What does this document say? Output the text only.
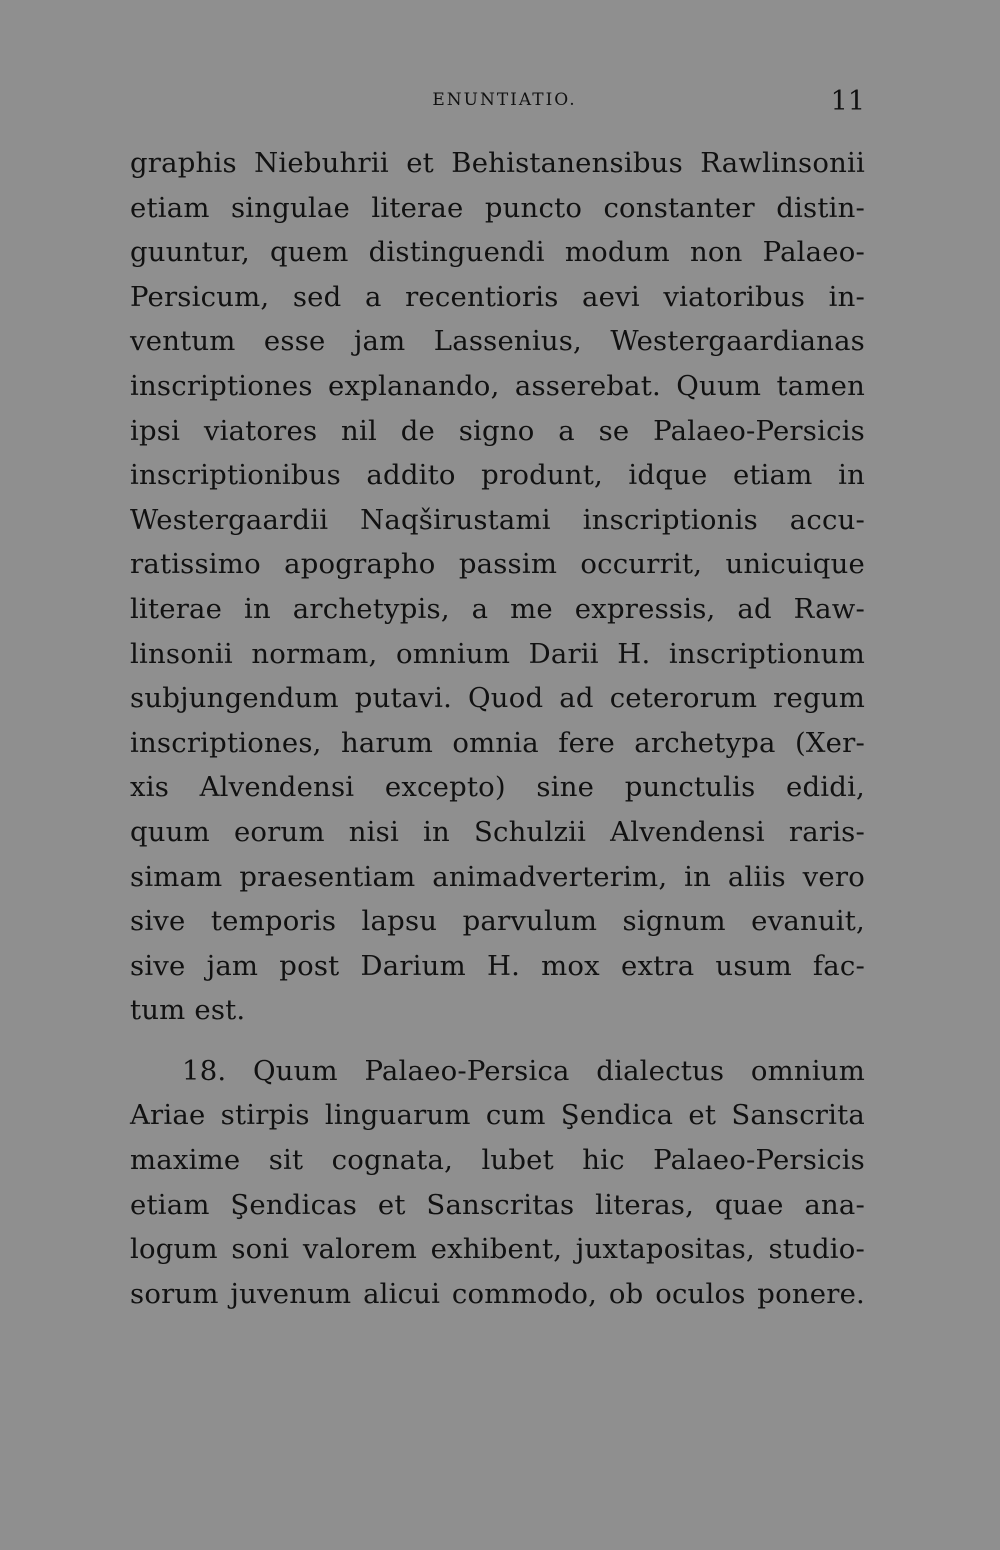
ENUNTIATIO.	11
graphis Niebuhrii et Behistanensibus Rawlinsonii
etiam singulae literae puncto constanter distin-
guuntur, quem distinguendi modum non Palaeo-
Persicum, sed a recentioris aevi viatoribus in-
ventum esse jam Lassenius, Westergaardianas
inscriptiones explanando, asserebat. Quum tamen
ipsi viatores nil de signo a se Palaeo-Persicis
inscriptionibus addito produnt, idque etiam in
Westergaardii Naqširustami inscriptionis accu-
ratissimo apographo passim occurrit, unicuique
literae in archetypis, a me expressis, ad Raw-
linsonii normam, omnium Darii H. inscriptionum
subjungendum putavi. Quod ad ceterorum regum
inscriptiones, harum omnia fere archetypa (Xer-
xis Alvendensi excepto) sine punctulis edidi,
quum eorum nisi in Schulzii Alvendensi raris-
simam praesentiam animadverterim, in aliis vero
sive temporis lapsu parvulum signum evanuit,
sive jam post Darium H. mox extra usum fac-
tum est.
18. Quum Palaeo-Persica dialectus omnium
Ariae stirpis linguarum cum Şendica et Sanscrita
maxime sit cognata, lubet hic Palaeo-Persicis
etiam Şendicas et Sanscritas literas, quae ana-
logum soni valorem exhibent, juxtapositas, studio-
sorum juvenum alicui commodo, ob oculos ponere.
